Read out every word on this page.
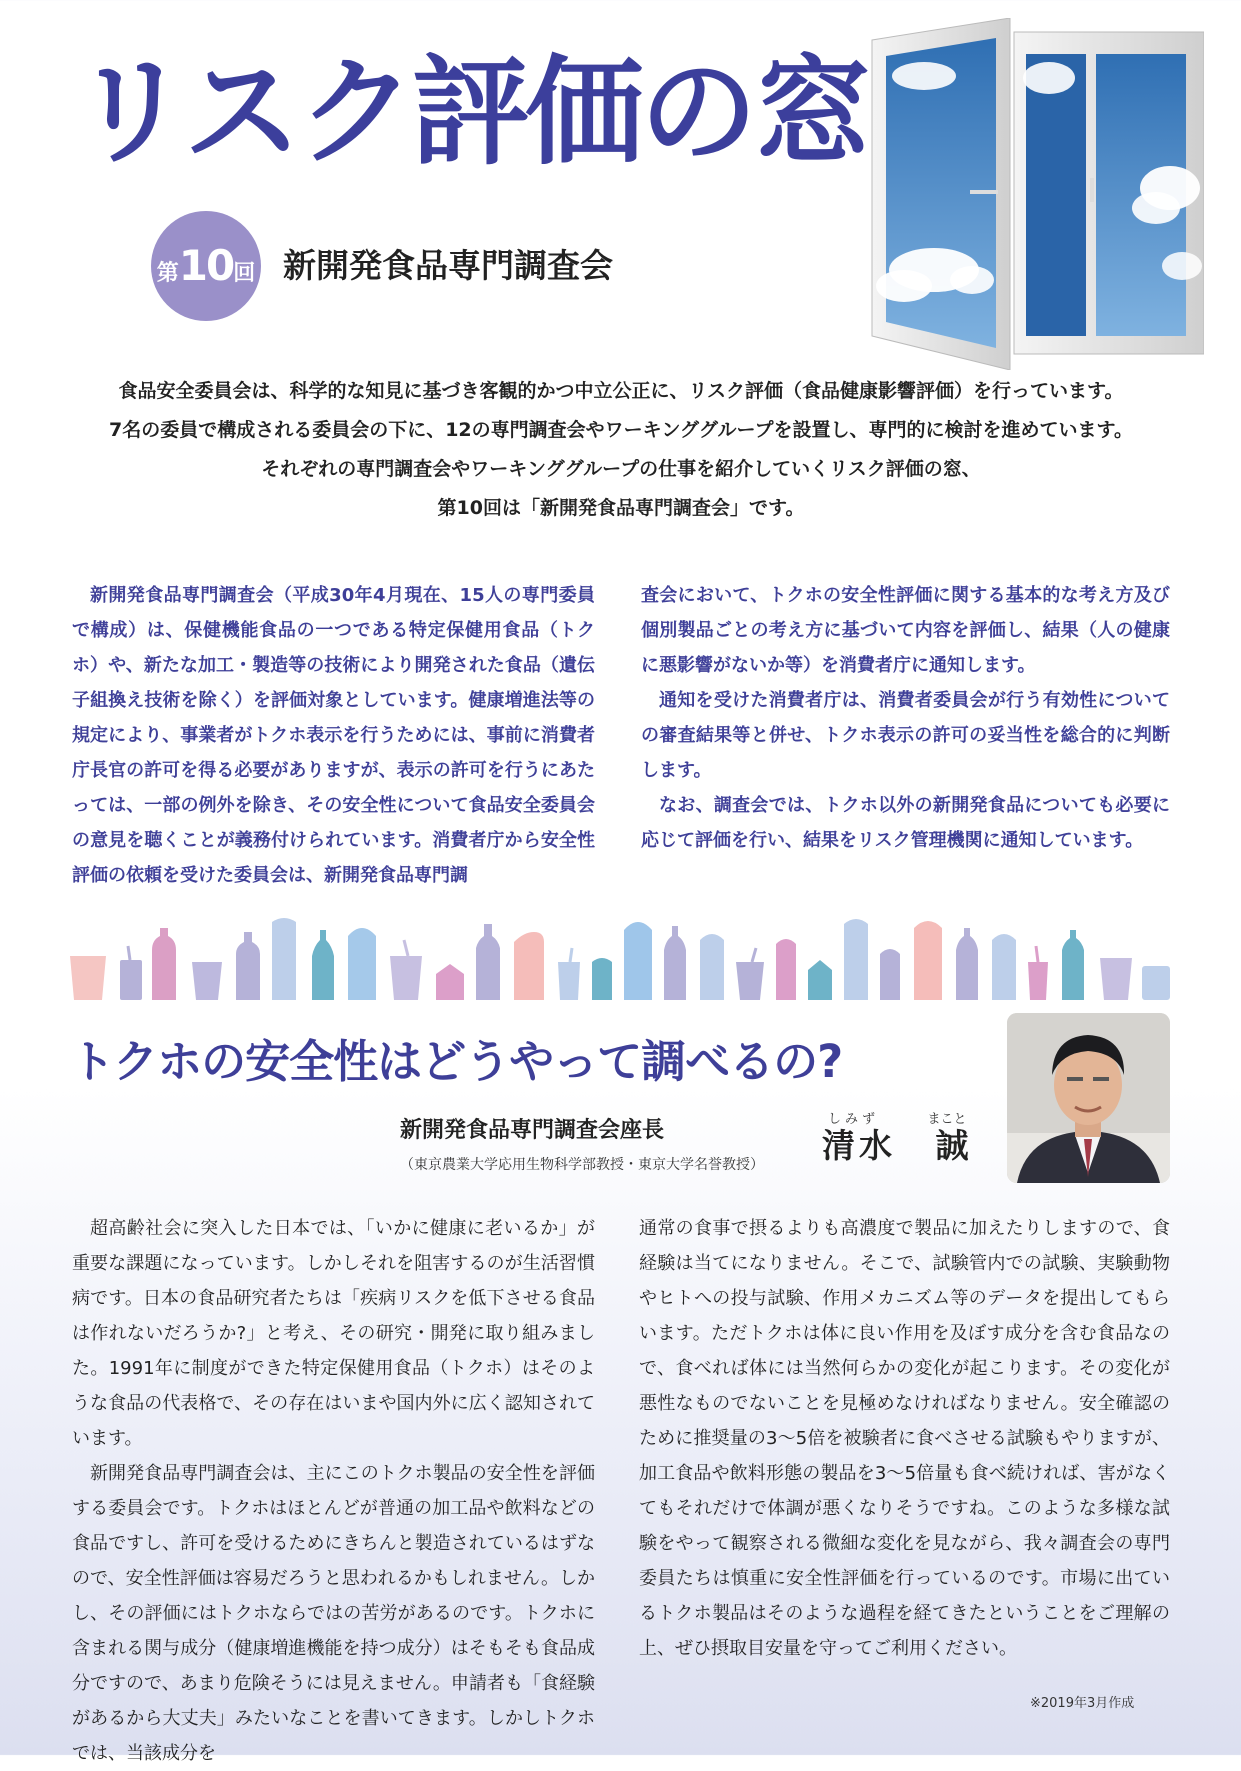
リスク評価の窓
第10回 新開発食品専門調査会

食品安全委員会は、科学的な知見に基づき客観的かつ中立公正に、リスク評価（食品健康影響評価）を行っています。

7名の委員で構成される委員会の下に、12の専門調査会やワーキンググループを設置し、専門的に検討を進めています。

それぞれの専門調査会やワーキンググループの仕事を紹介していくリスク評価の窓、

第10回は「新開発食品専門調査会」です。

新開発食品専門調査会（平成30年4月現在、15人の専門委員で構成）は、保健機能食品の一つである特定保健用食品（トクホ）や、新たな加工・製造等の技術により開発された食品（遺伝子組換え技術を除く）を評価対象としています。健康増進法等の規定により、事業者がトクホ表示を行うためには、事前に消費者庁長官の許可を得る必要がありますが、表示の許可を行うにあたっては、一部の例外を除き、その安全性について食品安全委員会の意見を聴くことが義務付けられています。消費者庁から安全性評価の依頼を受けた委員会は、新開発食品専門調

査会において、トクホの安全性評価に関する基本的な考え方及び個別製品ごとの考え方に基づいて内容を評価し、結果（人の健康に悪影響がないか等）を消費者庁に通知します。

通知を受けた消費者庁は、消費者委員会が行う有効性についての審査結果等と併せ、トクホ表示の許可の妥当性を総合的に判断します。

なお、調査会では、トクホ以外の新開発食品についても必要に応じて評価を行い、結果をリスク管理機関に通知しています。

トクホの安全性はどうやって調べるの?

新開発食品専門調査会座長

（東京農業大学応用生物科学部教授・東京大学名誉教授）

しみず
清水
まこと
誠

超高齢社会に突入した日本では、「いかに健康に老いるか」が重要な課題になっています。しかしそれを阻害するのが生活習慣病です。日本の食品研究者たちは「疾病リスクを低下させる食品は作れないだろうか?」と考え、その研究・開発に取り組みました。1991年に制度ができた特定保健用食品（トクホ）はそのような食品の代表格で、その存在はいまや国内外に広く認知されています。

新開発食品専門調査会は、主にこのトクホ製品の安全性を評価する委員会です。トクホはほとんどが普通の加工品や飲料などの食品ですし、許可を受けるためにきちんと製造されているはずなので、安全性評価は容易だろうと思われるかもしれません。しかし、その評価にはトクホならではの苦労があるのです。トクホに含まれる関与成分（健康増進機能を持つ成分）はそもそも食品成分ですので、あまり危険そうには見えません。申請者も「食経験があるから大丈夫」みたいなことを書いてきます。しかしトクホでは、当該成分を

通常の食事で摂るよりも高濃度で製品に加えたりしますので、食経験は当てになりません。そこで、試験管内での試験、実験動物やヒトへの投与試験、作用メカニズム等のデータを提出してもらいます。ただトクホは体に良い作用を及ぼす成分を含む食品なので、食べれば体には当然何らかの変化が起こります。その変化が悪性なものでないことを見極めなければなりません。安全確認のために推奨量の3〜5倍を被験者に食べさせる試験もやりますが、加工食品や飲料形態の製品を3〜5倍量も食べ続ければ、害がなくてもそれだけで体調が悪くなりそうですね。このような多様な試験をやって観察される微細な変化を見ながら、我々調査会の専門委員たちは慎重に安全性評価を行っているのです。市場に出ているトクホ製品はそのような過程を経てきたということをご理解の上、ぜひ摂取目安量を守ってご利用ください。

※2019年3月作成
